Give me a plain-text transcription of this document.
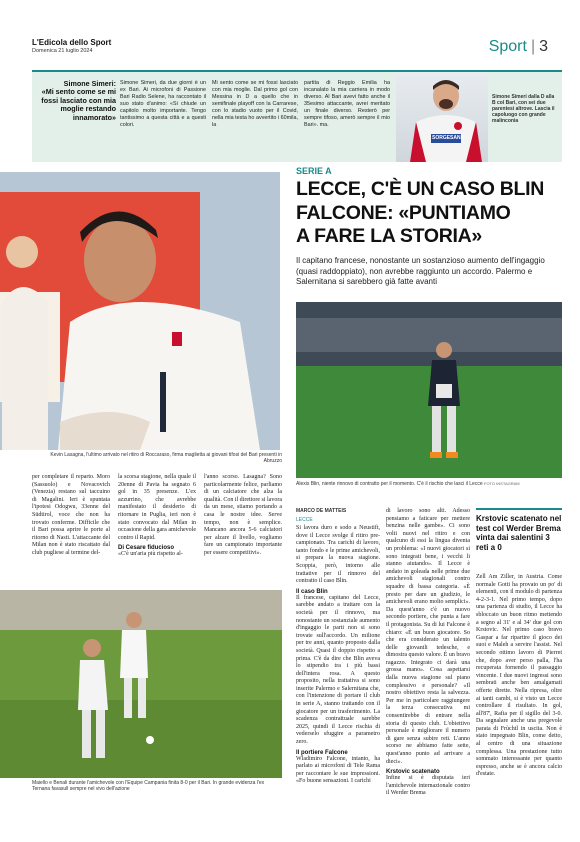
L'Edicola dello Sport
Domenica 21 luglio 2024	Sport | 3
Simone Simeri:
«Mi sento come se mi fossi lasciato con mia moglie restando innamorato»
Simone Simeri, da due giorni è un ex Bari. Ai microfoni di Passione Bari Radio Selene, ha raccontato il suo stato d'animo: «Si chiude un capitolo molto importante. Tengo tantissimo a questa città e a questi colori.
Mi sento come se mi fossi lasciato con mia moglie. Dal primo gol con Messina in D a quello che in semifinale playoff con la Carrarese, con lo stadio vuoto per il Covid, nella mia testa ho avvertito i 60mila, la
partita di Reggio Emilia ha incanalato la mia carriera in modo diverso. Al Bari avevi fatto anche il 35esimo attaccante, avrei meritato un finale diverso. Resterò per sempre tifoso, amerò sempre il mio Bari». ma.
SORGESANA
Simone Simeri dalla D alla B col Bari, con sei due parentesi altrove. Lascia il capoluogo con grande malinconia
Kevin Lasagna, l'ultimo arrivato nel ritiro di Roccaraso, firma maglietta ai giovani tifosi del Bari presenti in Abruzzo
per completare il reparto. Moro (Sassuolo) e Novacovich (Venezia) restano sul taccuino di Magalini. Ieri è spuntata l'ipotesi Odogwu, 33enne del Südtirol, voce che non ha trovato conferme. Difficile che il Bari possa aprire le porte al ritorno di Nasti. L'attaccante del Milan non è stato riscattato dal club pugliese al termine del-
la scorsa stagione, nella quale il 20enne di Pavia ha segnato 6 gol in 35 presenze. L'ex azzurrino, che avrebbe manifestato il desiderio di ritornare in Puglia, ieri non è stato convocato dal Milan in occasione della gara amichevole contro il Rapid.
Di Cesare fiducioso
«C'è un'aria più rispetto al-
l'anno scorso. Lasagna? Sono particolarmente felice, parliamo di un calciatore che alza la qualità. Con il direttore si lavora da un mese, stiamo portando a casa le nostre idee. Serve tempo, non è semplice. Mancano ancora 5-6 calciatori per alzare il livello, vogliamo fare un campionato importante per essere competitivi».
Maiello e Benali durante l'amichevole con l'Equipe Campania finita 8-0 per il Bari. In grande evidenza l'ex Ternana favasull sempre nel vivo dell'azione
SERIE A
LECCE, C'È UN CASO BLIN
FALCONE: «PUNTIAMO
A FARE LA STORIA»
Il capitano francese, nonostante un sostanzioso aumento dell'ingaggio (quasi raddoppiato), non avrebbe raggiunto un accordo. Palermo e Salernitana si sarebbero già fatte avanti
Alexis Blin, niente rinnovo di contratto per il momento. C'è il rischio che lasci il Lecce FOTO INSTAGRAM
MARCO DE MATTEIS
LECCE
Si lavora duro e sodo a Neustift, dove il Lecce svolge il ritiro pre-campionato. Tra carichi di lavoro, tanto fondo e le prime amichevoli, si prepara la nuova stagione. Scoppia, però, intorno alle trattative per il rinnovo del contratto il caso Blin.
Il caso Blin
Il francese, capitano del Lecce, sarebbe andato a trattare con la società per il rinnovo, ma nonostante un sostanziale aumento d'ingaggio le parti non si sono trovate sull'accordo. Un milione per tre anni, quanto proposto dalla società. Quasi il doppio rispetto a prima. C'è da dire che Blin aveva lo stipendio tra i più bassi dell'intera rosa. A questo proposito, nella trattativa si sono inserite Palermo e Salernitana che, con l'intenzione di portare il club in serie A, stanno trattando con il giocatore per un trasferimento. La scadenza contrattuale sarebbe 2025, quindi il Lecce rischia di vederselo sfuggire a parametro zero.
Il portiere Falcone
Wladimiro Falcone, intanto, ha parlato ai microfoni di Tele Rama per raccontare le sue impressioni. «Fo buone sensazioni. I carichi
di lavoro sono alti. Adesso pensiamo a faticare per mettere benzina nelle gambe». Ci sono volti nuovi nel ritiro e con qualcuno di essi la lingua diventa un problema: «I nuovi giocatori si sono integrati bene, i vecchi li stanno aiutando». Il Lecce è andato in goleada nelle prime due amichevoli stagionali contro squadre di bassa categoria. «È presto per dare un giudizio, le amichevoli erano molto semplici». Da quest'anno c'è un nuovo secondo portiere, che punta a fare il protagonista. Su di lui Falcone è chiaro: «È un buon giocatore. So che era considerato un talento delle giovanili tedesche, e dimostra questo valore. È un bravo ragazzo. Integrato ci darà una grossa mano». Cosa aspettarsi dalla nuova stagione sul piano complessivo e personale? «Il nostro obiettivo resta la salvezza. Per me in particolare raggiungere la terza consecutiva mi consentirebbe di entrare nella storia di questo club. L'obiettivo personale è migliorare il numero di gare senza subire reti. L'anno scorso ne abbiamo fatte sette, quest'anno punto ad arrivare a dieci».
Krstovic scatenato
Infine si è disputata ieri l'amichevole internazionale contro il Werder Brema
Krstovic scatenato nel test col Werder Brema vinta dai salentini 3 reti a 0
Zell Am Ziller, in Austria. Come normale Gotti ha provato un po' di elementi, con il modulo di partenza 4-2-3-1. Nel primo tempo, dopo una partenza di studio, il Lecce ha sbloccato un buon ritmo mettendo a segno al 31' e al 34' due gol con Krstovic. Nel primo caso bravo Gaspar a far ripartire il gioco dei suoi e Maleh a servire l'assist. Nel secondo ottimo lavoro di Pierret che, dopo aver perso palla, l'ha recuperata fornendo il passaggio vincente. I due nuovi ingressi sono sembrati anche ben amalgamati offerte dirette. Nella ripresa, oltre ai tanti cambi, si è visto un Lecce controllare il risultato. In gol, all'87', Rafia per il sigillo del 3-0. Da segnalare anche una pregevole parata di Frùchtl in uscita. Non è stato impegnato Blin, come detto, al centro di una situazione complessa. Una prestazione tutto sommato interessante per quanto espresso, anche se è ancora calcio d'estate.
